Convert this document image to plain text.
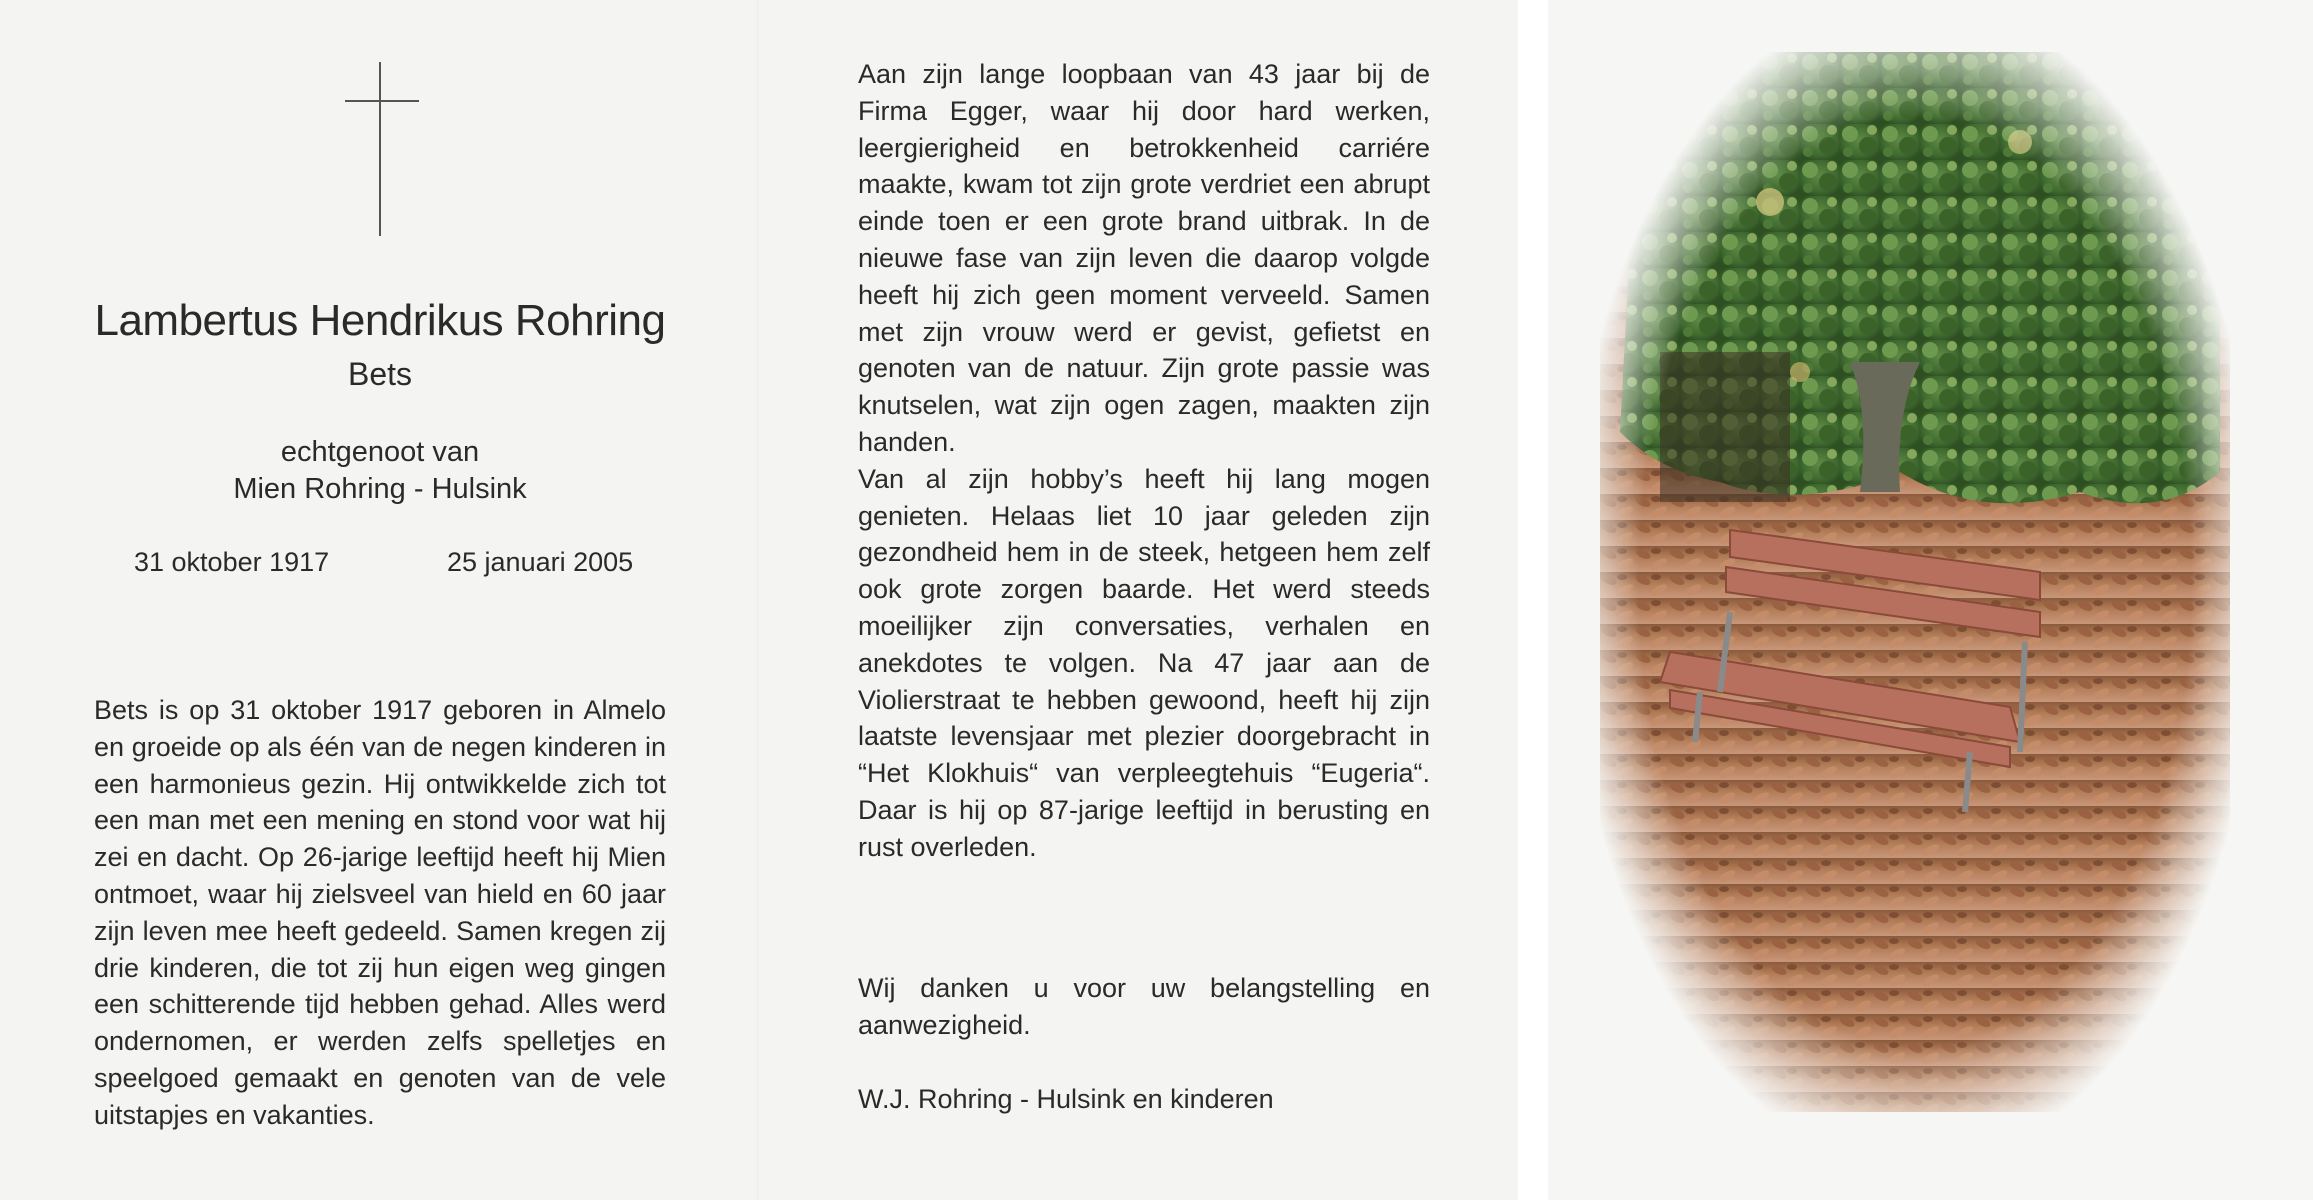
Lambertus Hendrikus Rohring
Bets
echtgenoot van
Mien Rohring - Hulsink
31 oktober 1917	25 januari 2005
Bets is op 31 oktober 1917 geboren in Almelo en groeide op als één van de negen kinderen in een harmonieus gezin. Hij ontwikkelde zich tot een man met een mening en stond voor wat hij zei en dacht. Op 26-jarige leeftijd heeft hij Mien ontmoet, waar hij zielsveel van hield en 60 jaar zijn leven mee heeft gedeeld. Samen kregen zij drie kinderen, die tot zij hun eigen weg gingen een schitterende tijd hebben gehad. Alles werd ondernomen, er werden zelfs spelletjes en speelgoed gemaakt en genoten van de vele uitstapjes en vakanties.
Aan zijn lange loopbaan van 43 jaar bij de Firma Egger, waar hij door hard werken, leergierigheid en betrokkenheid carriére maakte, kwam tot zijn grote verdriet een abrupt einde toen er een grote brand uitbrak. In de nieuwe fase van zijn leven die daarop volgde heeft hij zich geen moment verveeld. Samen met zijn vrouw werd er gevist, gefietst en genoten van de natuur. Zijn grote passie was knutselen, wat zijn ogen zagen, maakten zijn handen.
Van al zijn hobby’s heeft hij lang mogen genieten. Helaas liet 10 jaar geleden zijn gezondheid hem in de steek, hetgeen hem zelf ook grote zorgen baarde. Het werd steeds moeilijker zijn conversaties, verhalen en anekdotes te volgen. Na 47 jaar aan de Violierstraat te hebben gewoond, heeft hij zijn laatste levensjaar met plezier doorgebracht in “Het Klokhuis“ van verpleegtehuis “Eugeria“. Daar is hij op 87-jarige leeftijd in berusting en rust overleden.
Wij danken u voor uw belangstelling en aanwezigheid.
W.J. Rohring - Hulsink en kinderen
